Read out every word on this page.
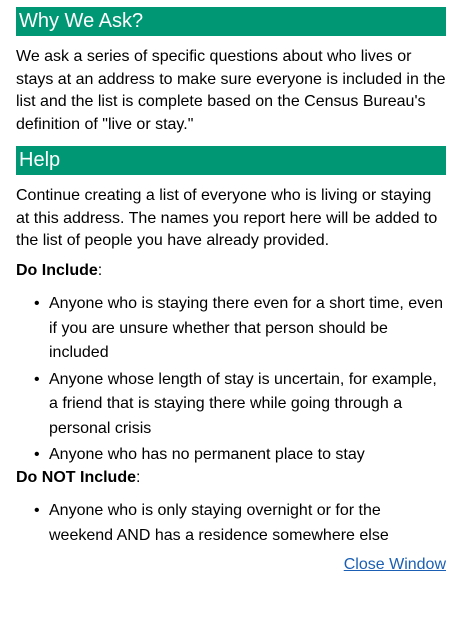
Why We Ask?

We ask a series of specific questions about who lives or stays at an address to make sure everyone is included in the list and the list is complete based on the Census Bureau's definition of "live or stay."

Help

Continue creating a list of everyone who is living or staying at this address. The names you report here will be added to the list of people you have already provided.

Do Include:

• Anyone who is staying there even for a short time, even if you are unsure whether that person should be included
• Anyone whose length of stay is uncertain, for example, a friend that is staying there while going through a personal crisis
• Anyone who has no permanent place to stay

Do NOT Include:

• Anyone who is only staying overnight or for the weekend AND has a residence somewhere else
Close Window
